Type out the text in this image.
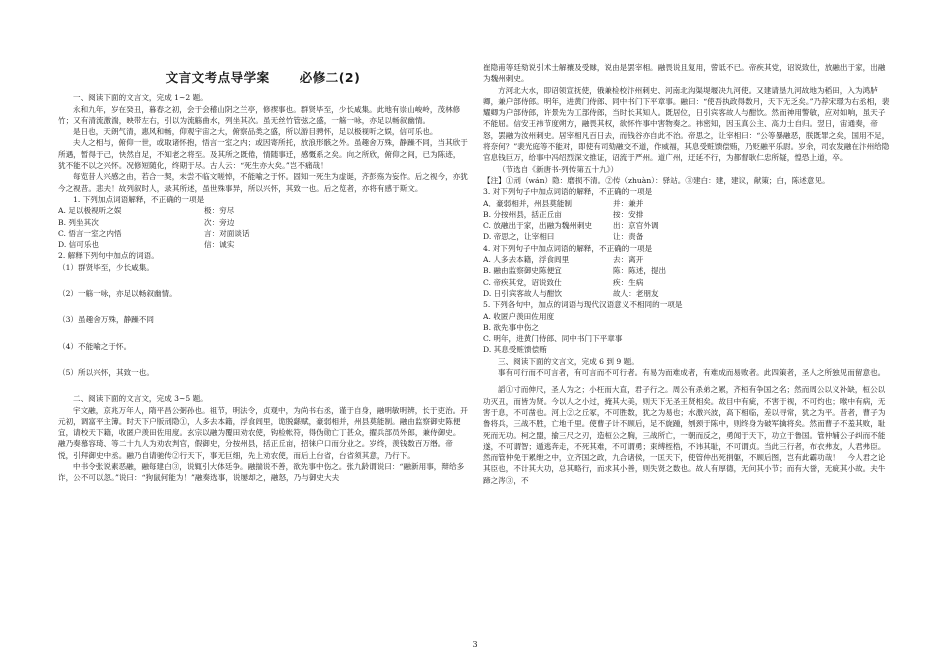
文言文考点导学案 必修二(2)

一、阅读下面的文言文，完成 1~2 题。

永和九年，岁在癸丑，暮春之初，会于会稽山阴之兰亭，修禊事也。群贤毕至，少长咸集。此地有崇山峻岭，茂林修竹；又有清流激湍，映带左右，引以为流觞曲水，列坐其次。虽无丝竹管弦之盛，一觞一咏，亦足以畅叙幽情。

是日也，天朗气清，惠风和畅，仰观宇宙之大，俯察品类之盛，所以游目骋怀，足以极视听之娱，信可乐也。

夫人之相与，俯仰一世，或取诸怀抱，悟言一室之内；或因寄所托，放浪形骸之外。虽趣舍万殊，静躁不同，当其欣于所遇，暂得于己，快然自足，不知老之将至。及其所之既倦，情随事迁，感慨系之矣。向之所欣，俯仰之间，已为陈迹，犹不能不以之兴怀。况修短随化，终期于尽。古人云：“死生亦大矣。”岂不痛哉！

每览昔人兴感之由，若合一契，未尝不临文嗟悼，不能喻之于怀。固知一死生为虚诞，齐彭殇为妄作。后之视今，亦犹今之视昔。悲夫！故列叙时人，录其所述，虽世殊事异，所以兴怀，其致一也。后之览者，亦将有感于斯文。

1. 下列加点词语解释，不正确的一项是

A. 足以极视听之娱	极：穷尽
B. 列坐其次	次：旁边
C. 悟言一室之内悟	言：对面谈话
D. 信可乐也	信：诚实

2. 解释下列句中加点的词语。

（1）群贤毕至，少长咸集。

（2）一觞一咏，亦足以畅叙幽情。

（3）虽趣舍万殊，静躁不同

（4）不能喻之于怀。

（5）所以兴怀，其致一也。

二、阅读下面的文言文，完成 3~5 题。

宇文融，京兆万年人，隋平昌公弼孙也。祖节，明法令，贞观中，为尚书右丞，谨于自身，融明敏明辨，长于吏治。开元初，调富平主簿。时天下户版刓隐①，人多去本籍，浮食闾里，诡脱繇赋，豪弱相并，州县莫能制。融由监察御史陈便宜，请校天下籍，收匿户羡田佐用度。玄宗以融为覆田劝农使，钩检帐符，得伪勋亡丁甚众，擢兵部员外郎，兼侍御史。融乃奏慕容琦、等二十九人为劝农判官，假御史，分按州县，括正丘亩，招徕户口而分业之。岁终，羡钱数百万缗。帝悦，引拜御史中丞。融乃自请驰传②行天下，事无巨细，先上劝农使，而后上台省，台省须其意，乃行下。

中书令张说素恶融，融每建白③，说辄引大体廷争。融揣说不善，欲先事中伤之。张九龄谓说曰：“融新用事，辩给多诈，公不可以忽。”说曰：“狗鼠何能为！”融奏选事，说屡却之，融怒，乃与御史大夫

崔隐甫等廷劾说引术士解禳及受赇，说由是罢宰相。融畏说且复用，訾诋不已。帝疾其党，诏说致仕，放融出于家，出融为魏州刺史。

方河北大水，即诏领宣抚使，俄兼检校汴州刺史、河南北沟渠堤堰决九河使。又建请垦九河故地为稻田，入为鸿胪卿，兼户部侍郎。明年，进黄门侍郎、同中书门下平章事。融曰：“使吾执政得数月，天下无乏矣。”乃荐宋璟为右丞相，裴耀卿为户部侍郎，许景先为工部侍郎，当时长其知人。既居位，日引宾客故人与酣饮。然而神用警敏，应对如响，虽天子不能屈。信安王祎节度朔方，融畏其权，欲怀忤事中害物奏之。祎密知，因玉真公主、高力士自归。翌日，宙通奏，帝怒，罢融为汝州刺史。居宰相凡百日去，而钱谷亦自此不治。帝思之，让宰相曰：“公等暴融恶，朕既罪之矣，国用不足，将奈何？”裴光庭等不能对，即使有司劾融交不道，作威福，其息受赃馈偿贿，乃贬融平乐尉。岁余，司农发融在汴州给隐官息钱巨万，给事中冯绍烈深文推证，诏流于严州。道广州，迂延不行，为都督耿仁忠所疑，惶恐上道，卒。

（节选自《新唐书·列传第五十九》）

【注】①刓（wán）隐：磨损不清。②传（zhuàn）：驿站。③建白：建，建议，献策；白，陈述意见。

3. 对下列句子中加点词语的解释，不正确的一项是

A．豪弱相并，州县莫能制	并：兼并
B. 分按州县，括正丘亩	按：安排
C. 放融出于家，出融为魏州刺史	出：京官外调
D. 帝思之，让宰相曰	让：责备

4. 对下列句子中加点词语的解释，不正确的一项是

A. 人多去本籍，浮食闾里	去：离开
B. 融由监察御史陈便宜	陈：陈述，提出
C. 帝疾其党，诏说致仕	疾：生病
D. 日引宾客故人与酣饮	故人：老朋友

5. 下列各句中，加点的词语与现代汉语意义不相同的一项是

A. 收匿户羡田佐用度

B. 欲先事中伤之

C. 明年，进黄门侍郎、同中书门下平章事

D. 其息受赃馈偿贿

三、阅读下面的文言文，完成 6 到 9 题。

事有可行而不可言者，有可言而不可行者。有易为而难成者，有难成而易败者。此四策者，圣人之所独见而留意也。

謟①寸而伸尺，圣人为之；小枉而大直，君子行之。周公有杀弟之累，齐桓有争国之名；然而周公以义补缺，桓公以功灭丑，而皆为贤。今以人之小过，掩其大美，则天下无圣王贤相矣。故目中有疵，不害于视，不可灼也；喉中有病，无害于息，不可凿也。河上②之丘冢，不可胜数，犹之为易也；水激兴波，高下相临，差以寻常，犹之为平。昔者，曹子为鲁将兵，三战不胜，亡地千里。使曹子计不顾后，足不旋踵，刎颈于陈中，则终身为破军擒将矣。然而曹子不羞其败，耻死而无功。柯之盟，揄三尺之刃，造桓公之胸，三战所亡，一朝而反之，勇闻于天下，功立于鲁国。管仲辅公子纠而不能遂，不可谓智；遁逃奔走，不死其难，不可谓勇；束缚桎梏，不讳其耻，不可谓贞。当此三行者，布衣弗友，人君弗臣。然而管仲免于累绁之中，立齐国之政，九合诸侯，一匡天下，使管仲出死捐躯，不顾后图，岂有此霸功哉！　今人君之论其臣也，不计其大功，总其略行，而求其小善，则失贤之数也。故人有厚德，无问其小节；而有大誉，无疵其小故。夫牛蹄之涔③，不

3
